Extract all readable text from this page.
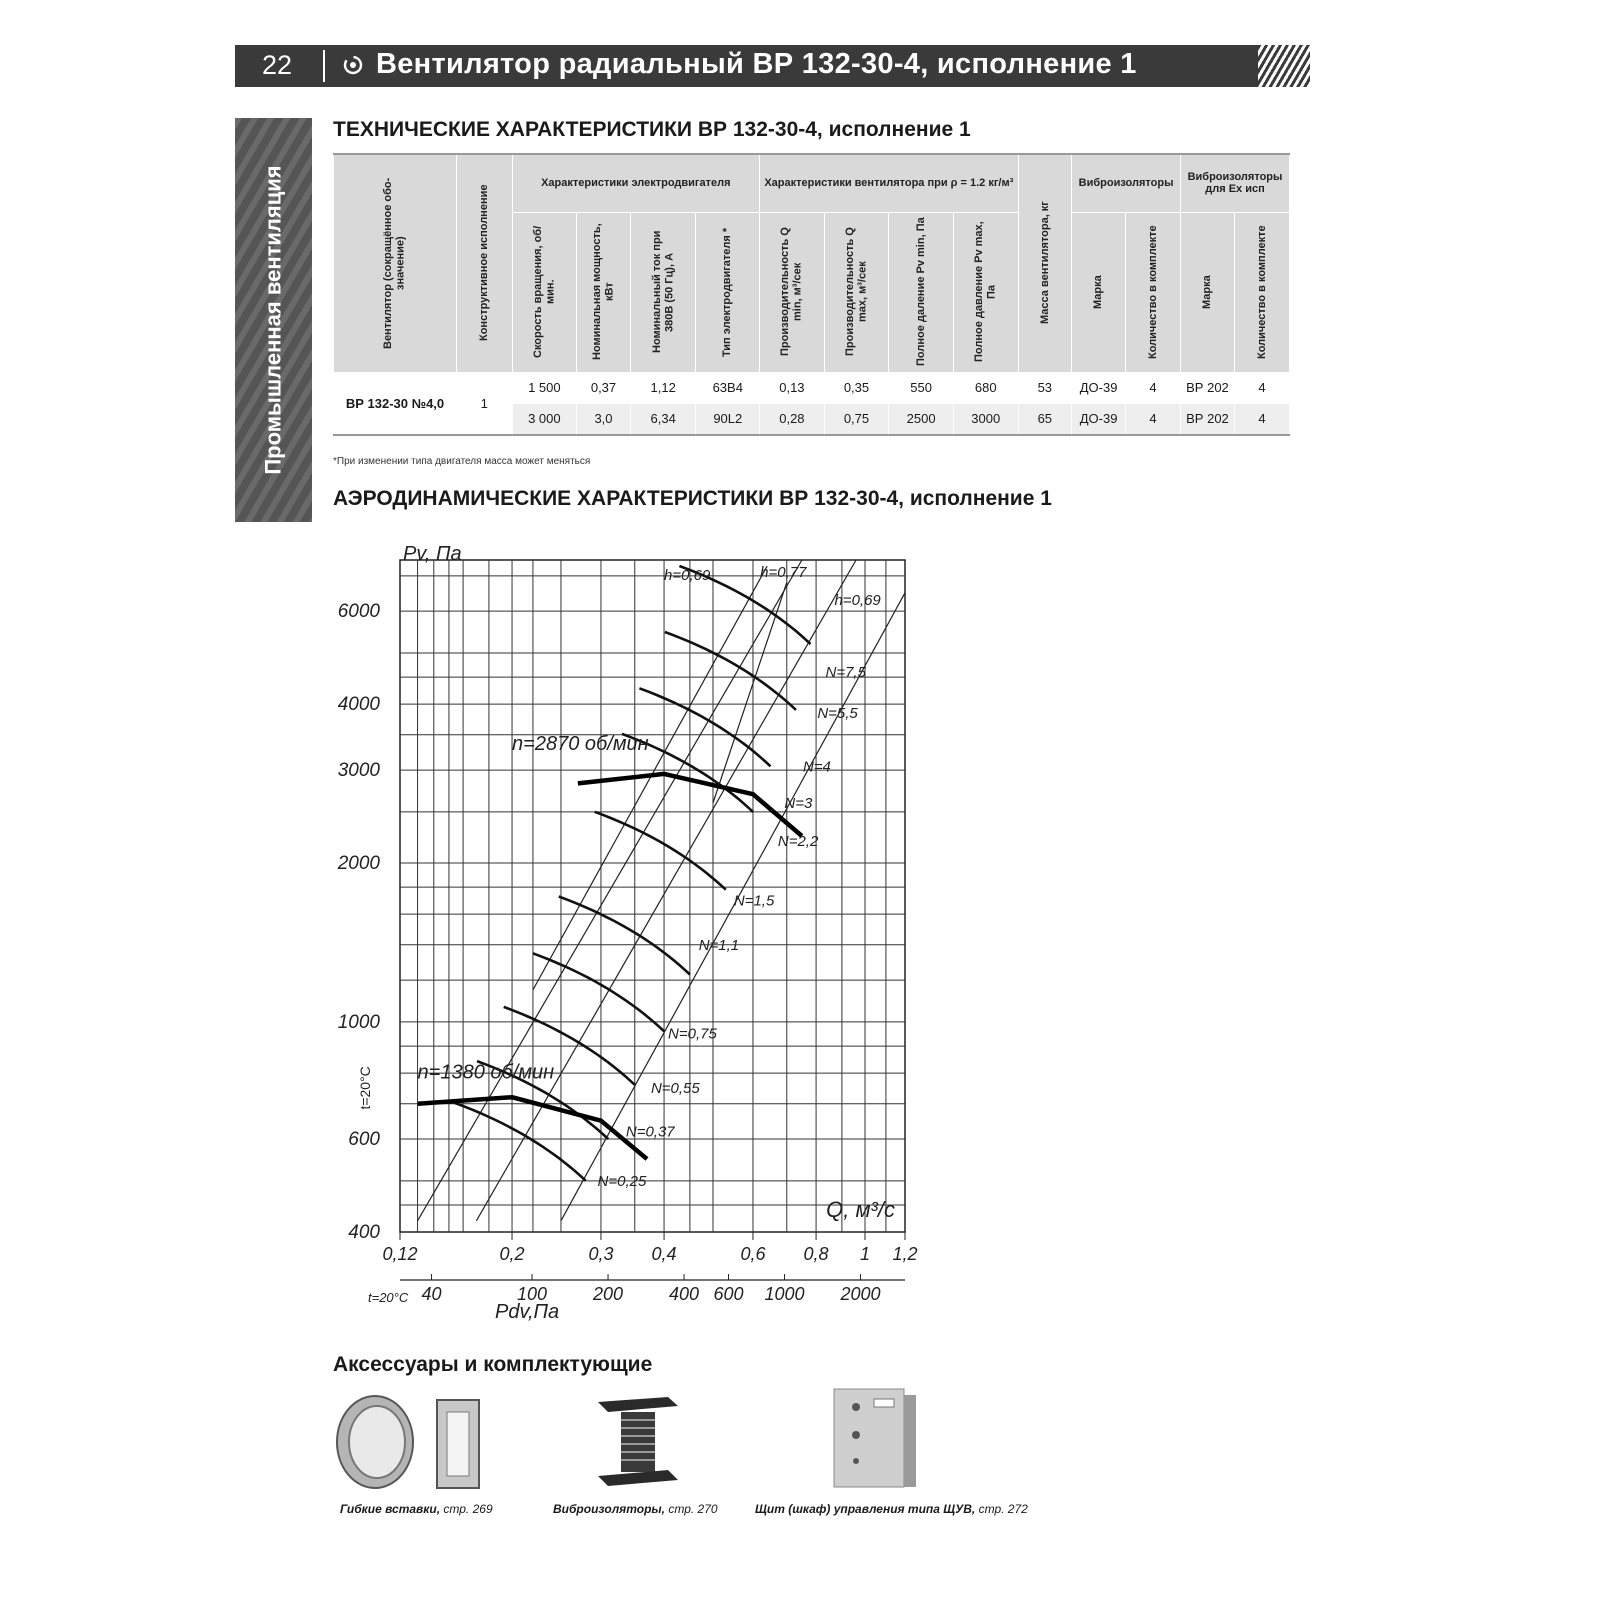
22	Вентилятор радиальный ВР 132-30-4, исполнение 1
Промышленная вентиляция
ТЕХНИЧЕСКИЕ ХАРАКТЕРИСТИКИ ВР 132-30-4, исполнение 1
Вентилятор (сокращённое обо-значение)	Конструктивное исполнение	Характеристики электродвигателя				Характеристики вентилятора при ρ = 1.2 кг/м³				Масса вентилятора, кг	Виброизоляторы		Виброизоляторы для Ex исп	

		Скорость вращения, об/мин.	Номинальная мощность, кВт	Номинальный ток при 380В (50 Гц), А	Тип электродвигателя *	Производительность Q min, м³/сек	Производительность Q max, м³/сек	Полное даление Pv min, Па	Полное давление Pv max, Па		Марка	Количество в комплекте	Марка	Количество в комплекте

ВР 132-30 №4,0	1	1 500	0,37	1,12	63В4	0,13	0,35	550	680	53	ДО-39	4	ВР 202	4
		3 000	3,0	6,34	90L2	0,28	0,75	2500	3000	65	ДО-39	4	ВР 202	4
*При изменении типа двигателя масса может меняться
АЭРОДИНАМИЧЕСКИЕ ХАРАКТЕРИСТИКИ ВР 132-30-4, исполнение 1
400
600
1000
2000
3000
4000
6000
0,12	0,2	0,3 0,4	0,6 0,8 1 1,2
40	100	200	400 600 1000 2000
Pv, Па
Q, м³/с
Pdv,Па
t=20°C
t=20°C
N=7,5
N=5,5
N=4
N=3
N=2,2
N=1,5
N=1,1
N=0,75
N=0,55
N=0,37
N=0,25
h=0,69	h=0,77
h=0,69
n=1380 об/мин
n=2870 об/мин
Аксессуары и комплектующие
Гибкие вставки, стр. 269	Виброизоляторы, стр. 270	Щит (шкаф) управления типа ЩУВ, стр. 272
